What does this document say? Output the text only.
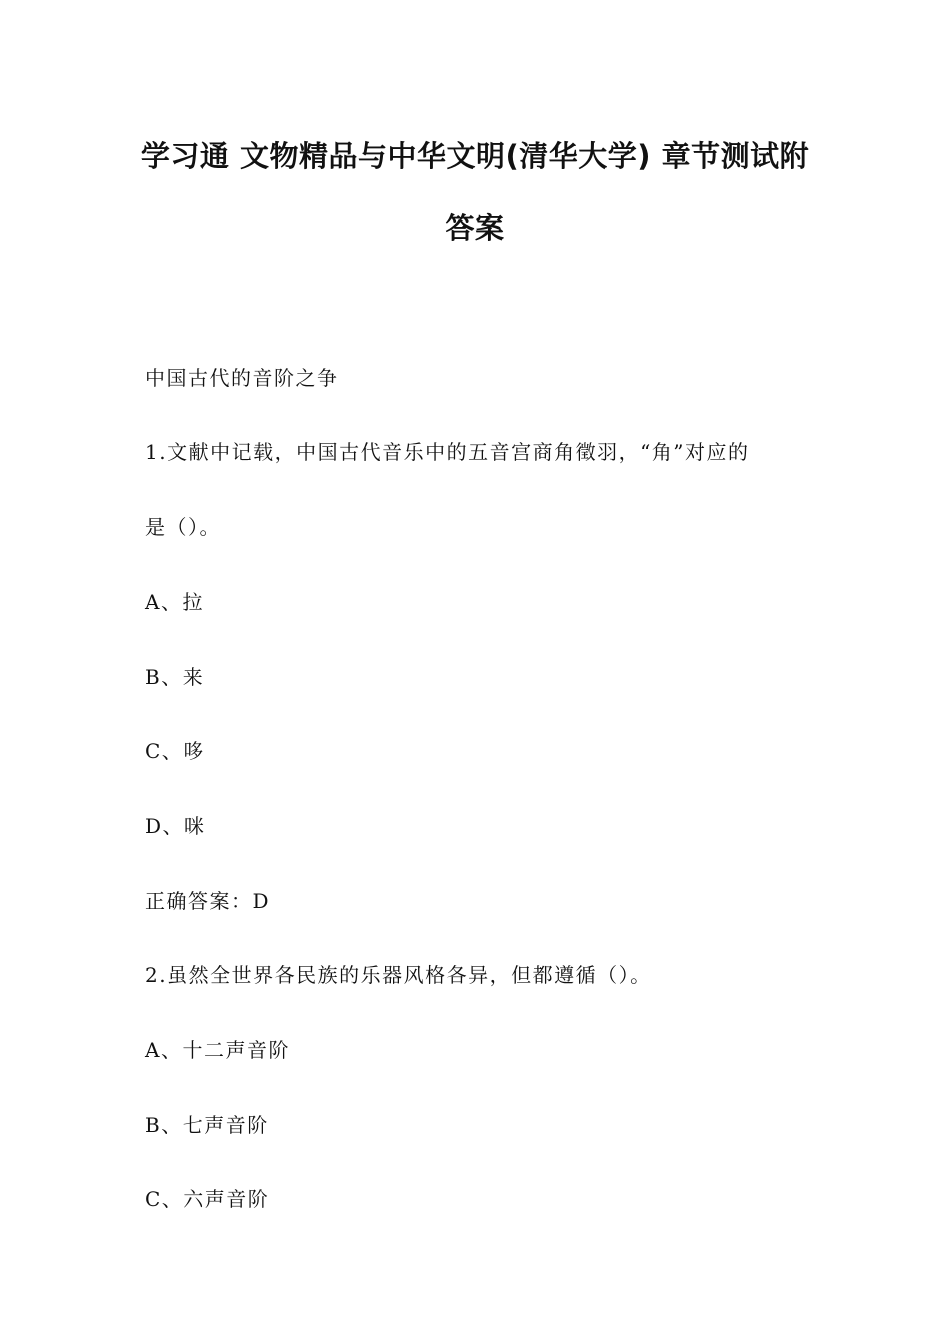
学习通 文物精品与中华文明(清华大学) 章节测试附
答案
中国古代的音阶之争
1.文献中记载，中国古代音乐中的五音宫商角徵羽，“角”对应的
是（）。
A、拉
B、来
C、哆
D、咪
正确答案：D
2.虽然全世界各民族的乐器风格各异，但都遵循（）。
A、十二声音阶
B、七声音阶
C、六声音阶
